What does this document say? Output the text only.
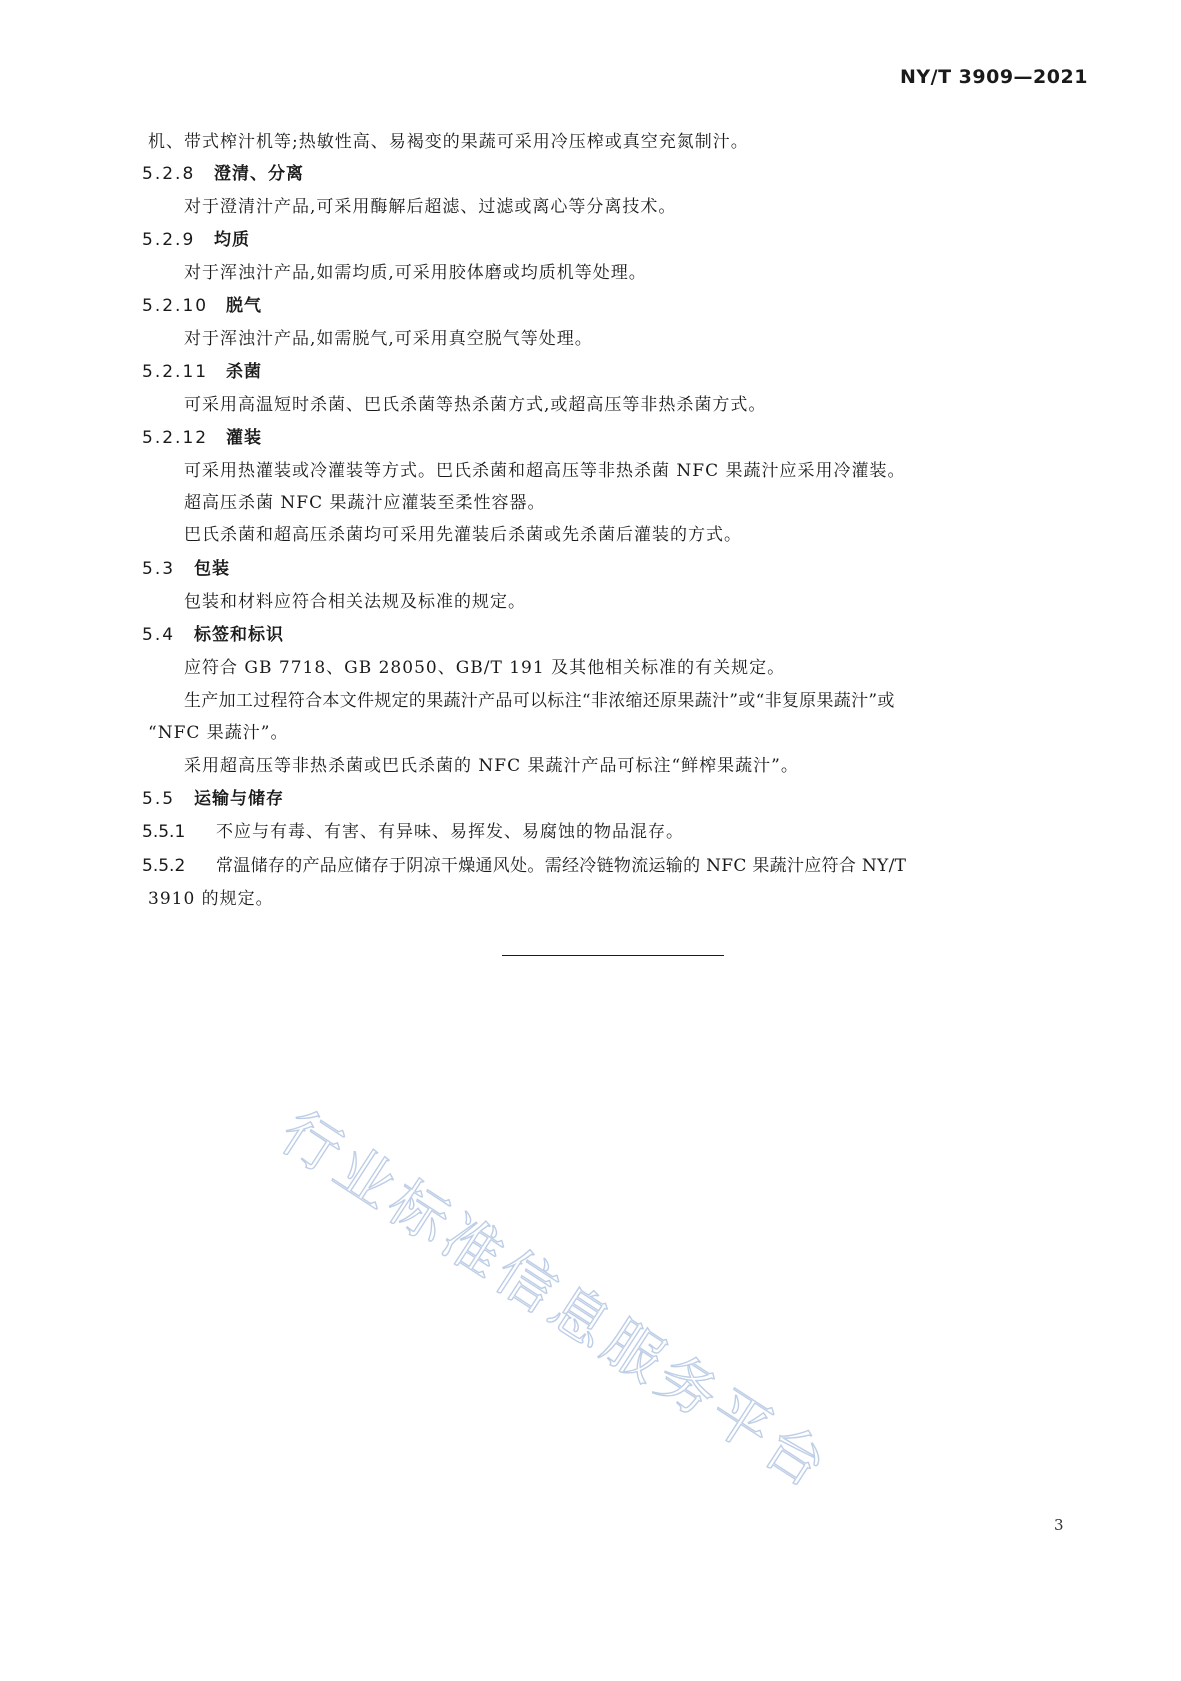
NY/T 3909—2021
机、带式榨汁机等;热敏性高、易褐变的果蔬可采用冷压榨或真空充氮制汁。
5.2.8 澄清、分离
对于澄清汁产品,可采用酶解后超滤、过滤或离心等分离技术。
5.2.9 均质
对于浑浊汁产品,如需均质,可采用胶体磨或均质机等处理。
5.2.10 脱气
对于浑浊汁产品,如需脱气,可采用真空脱气等处理。
5.2.11 杀菌
可采用高温短时杀菌、巴氏杀菌等热杀菌方式,或超高压等非热杀菌方式。
5.2.12 灌装
可采用热灌装或冷灌装等方式。巴氏杀菌和超高压等非热杀菌 NFC 果蔬汁应采用冷灌装。
超高压杀菌 NFC 果蔬汁应灌装至柔性容器。
巴氏杀菌和超高压杀菌均可采用先灌装后杀菌或先杀菌后灌装的方式。
5.3 包装
包装和材料应符合相关法规及标准的规定。
5.4 标签和标识
应符合 GB 7718、GB 28050、GB/T 191 及其他相关标准的有关规定。
生产加工过程符合本文件规定的果蔬汁产品可以标注“非浓缩还原果蔬汁”或“非复原果蔬汁”或
“NFC 果蔬汁”。
采用超高压等非热杀菌或巴氏杀菌的 NFC 果蔬汁产品可标注“鲜榨果蔬汁”。
5.5 运输与储存
5.5.1 不应与有毒、有害、有异味、易挥发、易腐蚀的物品混存。
5.5.2 常温储存的产品应储存于阴凉干燥通风处。需经冷链物流运输的 NFC 果蔬汁应符合 NY/T
3910 的规定。
行业标准信息服务平台
3
